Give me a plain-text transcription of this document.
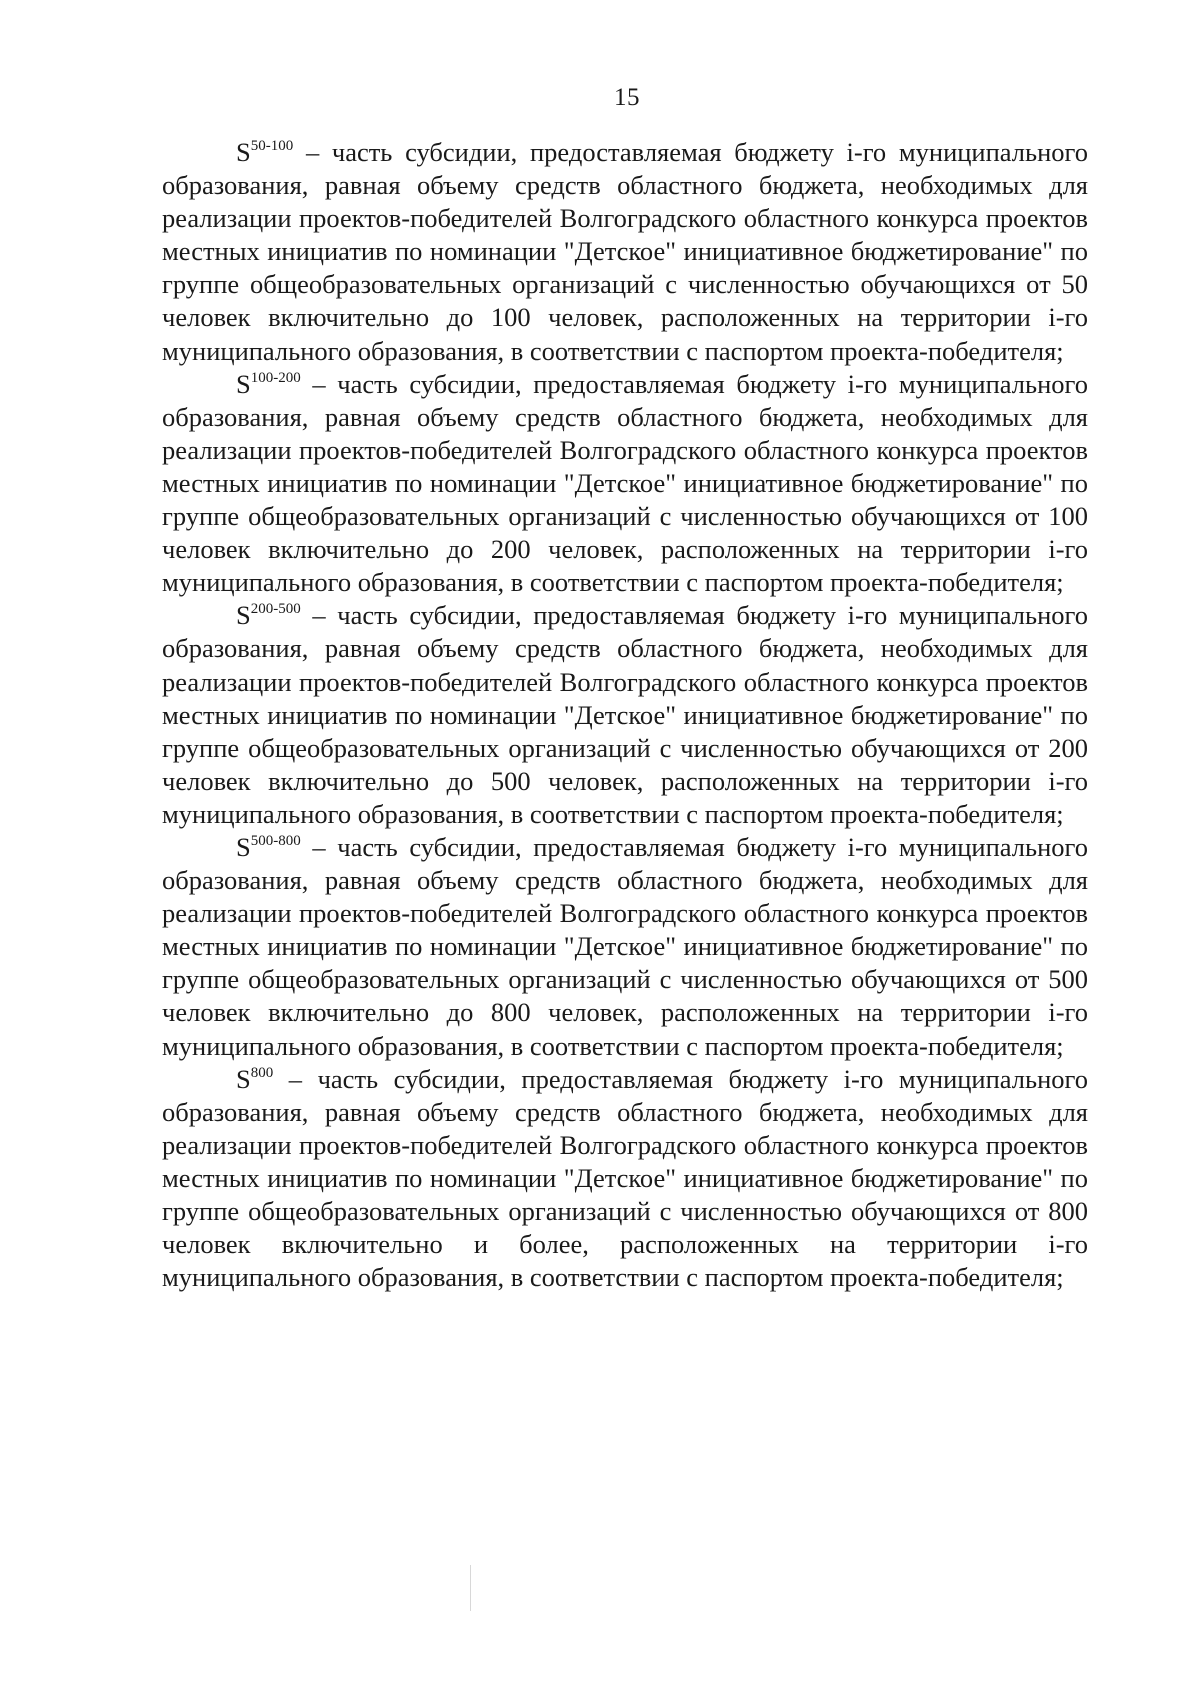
15

$S^{50-100}$ – часть субсидии, предоставляемая бюджету i-го муниципального образования, равная объему средств областного бюджета, необходимых для реализации проектов-победителей Волгоградского областного конкурса проектов местных инициатив по номинации "Детское" инициативное бюджетирование" по группе общеобразовательных организаций с численностью обучающихся от 50 человек включительно до 100 человек, расположенных на территории i-го муниципального образования, в соответствии с паспортом проекта-победителя;

$S^{100-200}$ – часть субсидии, предоставляемая бюджету i-го муниципального образования, равная объему средств областного бюджета, необходимых для реализации проектов-победителей Волгоградского областного конкурса проектов местных инициатив по номинации "Детское" инициативное бюджетирование" по группе общеобразовательных организаций с численностью обучающихся от 100 человек включительно до 200 человек, расположенных на территории i-го муниципального образования, в соответствии с паспортом проекта-победителя;

$S^{200-500}$ – часть субсидии, предоставляемая бюджету i-го муниципального образования, равная объему средств областного бюджета, необходимых для реализации проектов-победителей Волгоградского областного конкурса проектов местных инициатив по номинации "Детское" инициативное бюджетирование" по группе общеобразовательных организаций с численностью обучающихся от 200 человек включительно до 500 человек, расположенных на территории i-го муниципального образования, в соответствии с паспортом проекта-победителя;

$S^{500-800}$ – часть субсидии, предоставляемая бюджету i-го муниципального образования, равная объему средств областного бюджета, необходимых для реализации проектов-победителей Волгоградского областного конкурса проектов местных инициатив по номинации "Детское" инициативное бюджетирование" по группе общеобразовательных организаций с численностью обучающихся от 500 человек включительно до 800 человек, расположенных на территории i-го муниципального образования, в соответствии с паспортом проекта-победителя;

$S^{800}$ – часть субсидии, предоставляемая бюджету i-го муниципального образования, равная объему средств областного бюджета, необходимых для реализации проектов-победителей Волгоградского областного конкурса проектов местных инициатив по номинации "Детское" инициативное бюджетирование" по группе общеобразовательных организаций с численностью обучающихся от 800 человек включительно и более, расположенных на территории i-го муниципального образования, в соответствии с паспортом проекта-победителя;
